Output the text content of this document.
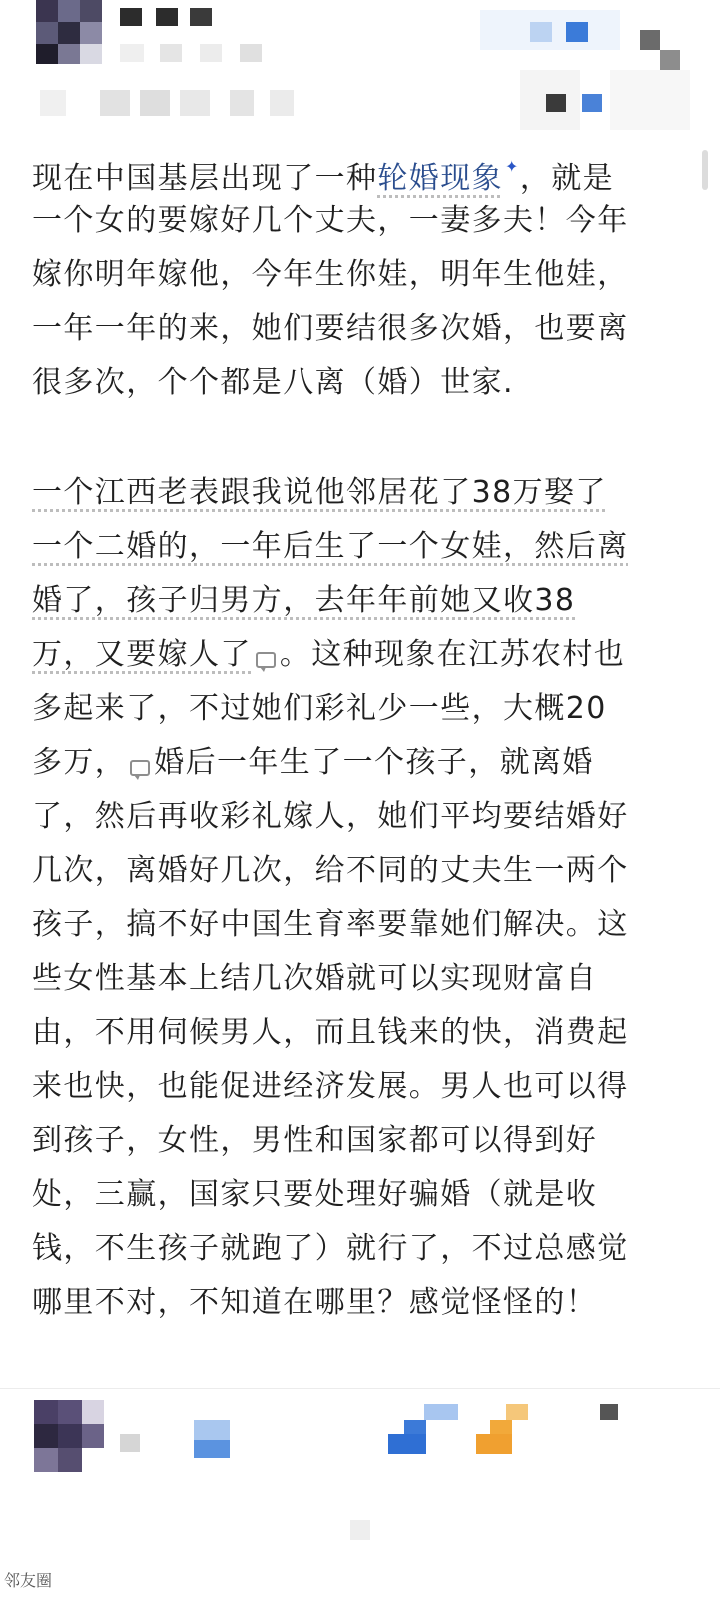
现在中国基层出现了一种轮婚现象 ✦，就是
一个女的要嫁好几个丈夫，一妻多夫！今年
嫁你明年嫁他，今年生你娃，明年生他娃，
一年一年的来，她们要结很多次婚，也要离
很多次，个个都是八离（婚）世家.
一个江西老表跟我说他邻居花了38万娶了
一个二婚的，一年后生了一个女娃，然后离
婚了，孩子归男方，去年年前她又收38
万，又要嫁人了 。这种现象在江苏农村也
多起来了，不过她们彩礼少一些，大概20
多万， 婚后一年生了一个孩子，就离婚
了，然后再收彩礼嫁人，她们平均要结婚好
几次，离婚好几次，给不同的丈夫生一两个
孩子，搞不好中国生育率要靠她们解决。这
些女性基本上结几次婚就可以实现财富自
由，不用伺候男人，而且钱来的快，消费起
来也快，也能促进经济发展。男人也可以得
到孩子，女性，男性和国家都可以得到好
处，三赢，国家只要处理好骗婚（就是收
钱，不生孩子就跑了）就行了，不过总感觉
哪里不对，不知道在哪里？感觉怪怪的！
邻友圈
